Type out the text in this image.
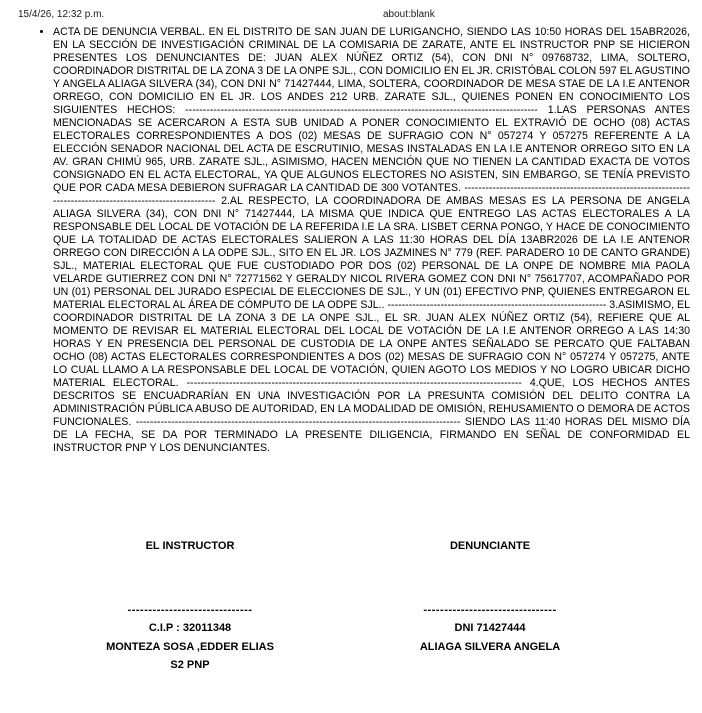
15/4/26, 12:32 p.m.	about:blank
• ACTA DE DENUNCIA VERBAL. EN EL DISTRITO DE SAN JUAN DE LURIGANCHO, SIENDO LAS 10:50 HORAS DEL 15ABR2026, EN LA SECCIÓN DE INVESTIGACIÓN CRIMINAL DE LA COMISARIA DE ZARATE, ANTE EL INSTRUCTOR PNP SE HICIERON PRESENTES LOS DENUNCIANTES DE: JUAN ALEX NÚÑEZ ORTIZ (54), CON DNI N° 09768732, LIMA, SOLTERO, COORDINADOR DISTRITAL DE LA ZONA 3 DE LA ONPE SJL., CON DOMICILIO EN EL JR. CRISTÓBAL COLON 597 EL AGUSTINO Y ANGELA ALIAGA SILVERA (34), CON DNI N° 71427444, LIMA, SOLTERA, COORDINADOR DE MESA STAE DE LA I.E ANTENOR ORREGO, CON DOMICILIO EN EL JR. LOS ANDES 212 URB. ZARATE SJL., QUIENES PONEN EN CONOCIMIENTO LOS SIGUIENTES HECHOS: ---------------------------------------------------------------------------------------------------- 1.LAS PERSONAS ANTES MENCIONADAS SE ACERCARON A ESTA SUB UNIDAD A PONER CONOCIMIENTO EL EXTRAVIÓ DE OCHO (08) ACTAS ELECTORALES CORRESPONDIENTES A DOS (02) MESAS DE SUFRAGIO CON N° 057274 Y 057275 REFERENTE A LA ELECCIÓN SENADOR NACIONAL DEL ACTA DE ESCRUTINIO, MESAS INSTALADAS EN LA I.E ANTENOR ORREGO SITO EN LA AV. GRAN CHIMÚ 965, URB. ZARATE SJL., ASIMISMO, HACEN MENCIÓN QUE NO TIENEN LA CANTIDAD EXACTA DE VOTOS CONSIGNADO EN EL ACTA ELECTORAL, YA QUE ALGUNOS ELECTORES NO ASISTEN, SIN EMBARGO, SE TENÍA PREVISTO QUE POR CADA MESA DEBIERON SUFRAGAR LA CANTIDAD DE 300 VOTANTES. -------------------------------------------------------------------------------------------------------------- 2.AL RESPECTO, LA COORDINADORA DE AMBAS MESAS ES LA PERSONA DE ANGELA ALIAGA SILVERA (34), CON DNI N° 71427444, LA MISMA QUE INDICA QUE ENTREGO LAS ACTAS ELECTORALES A LA RESPONSABLE DEL LOCAL DE VOTACIÓN DE LA REFERIDA I.E LA SRA. LISBET CERNA PONGO, Y HACE DE CONOCIMIENTO QUE LA TOTALIDAD DE ACTAS ELECTORALES SALIERON A LAS 11:30 HORAS DEL DÍA 13ABR2026 DE LA I.E ANTENOR ORREGO CON DIRECCIÓN A LA ODPE SJL., SITO EN EL JR. LOS JAZMINES N° 779 (REF. PARADERO 10 DE CANTO GRANDE) SJL., MATERIAL ELECTORAL QUE FUE CUSTODIADO POR DOS (02) PERSONAL DE LA ONPE DE NOMBRE MIA PAOLA VELARDE GUTIERREZ CON DNI N° 72771562 Y GERALDY NICOL RIVERA GOMEZ CON DNI N° 75617707, ACOMPAÑADO POR UN (01) PERSONAL DEL JURADO ESPECIAL DE ELECCIONES DE SJL., Y UN (01) EFECTIVO PNP, QUIENES ENTREGARON EL MATERIAL ELECTORAL AL ÁREA DE CÓMPUTO DE LA ODPE SJL.. -------------------------------------------------------------- 3.ASIMISMO, EL COORDINADOR DISTRITAL DE LA ZONA 3 DE LA ONPE SJL., EL SR. JUAN ALEX NÚÑEZ ORTIZ (54), REFIERE QUE AL MOMENTO DE REVISAR EL MATERIAL ELECTORAL DEL LOCAL DE VOTACIÓN DE LA I.E ANTENOR ORREGO A LAS 14:30 HORAS Y EN PRESENCIA DEL PERSONAL DE CUSTODIA DE LA ONPE ANTES SEÑALADO SE PERCATO QUE FALTABAN OCHO (08) ACTAS ELECTORALES CORRESPONDIENTES A DOS (02) MESAS DE SUFRAGIO CON N° 057274 Y 057275, ANTE LO CUAL LLAMO A LA RESPONSABLE DEL LOCAL DE VOTACIÓN, QUIEN AGOTO LOS MEDIOS Y NO LOGRO UBICAR DICHO MATERIAL ELECTORAL. ----------------------------------------------------------------------------------------------- 4.QUE, LOS HECHOS ANTES DESCRITOS SE ENCUADRARÍAN EN UNA INVESTIGACIÓN POR LA PRESUNTA COMISIÓN DEL DELITO CONTRA LA ADMINISTRACIÓN PÚBLICA ABUSO DE AUTORIDAD, EN LA MODALIDAD DE OMISIÓN, REHUSAMIENTO O DEMORA DE ACTOS FUNCIONALES. -------------------------------------------------------------------------------------------- SIENDO LAS 11:40 HORAS DEL MISMO DÍA DE LA FECHA, SE DA POR TERMINADO LA PRESENTE DILIGENCIA, FIRMANDO EN SEÑAL DE CONFORMIDAD EL INSTRUCTOR PNP Y LOS DENUNCIANTES.
EL INSTRUCTOR
------------------------------
C.I.P : 32011348
MONTEZA SOSA ,EDDER ELIAS
S2 PNP
DENUNCIANTE
--------------------------------
DNI 71427444
ALIAGA SILVERA ANGELA
